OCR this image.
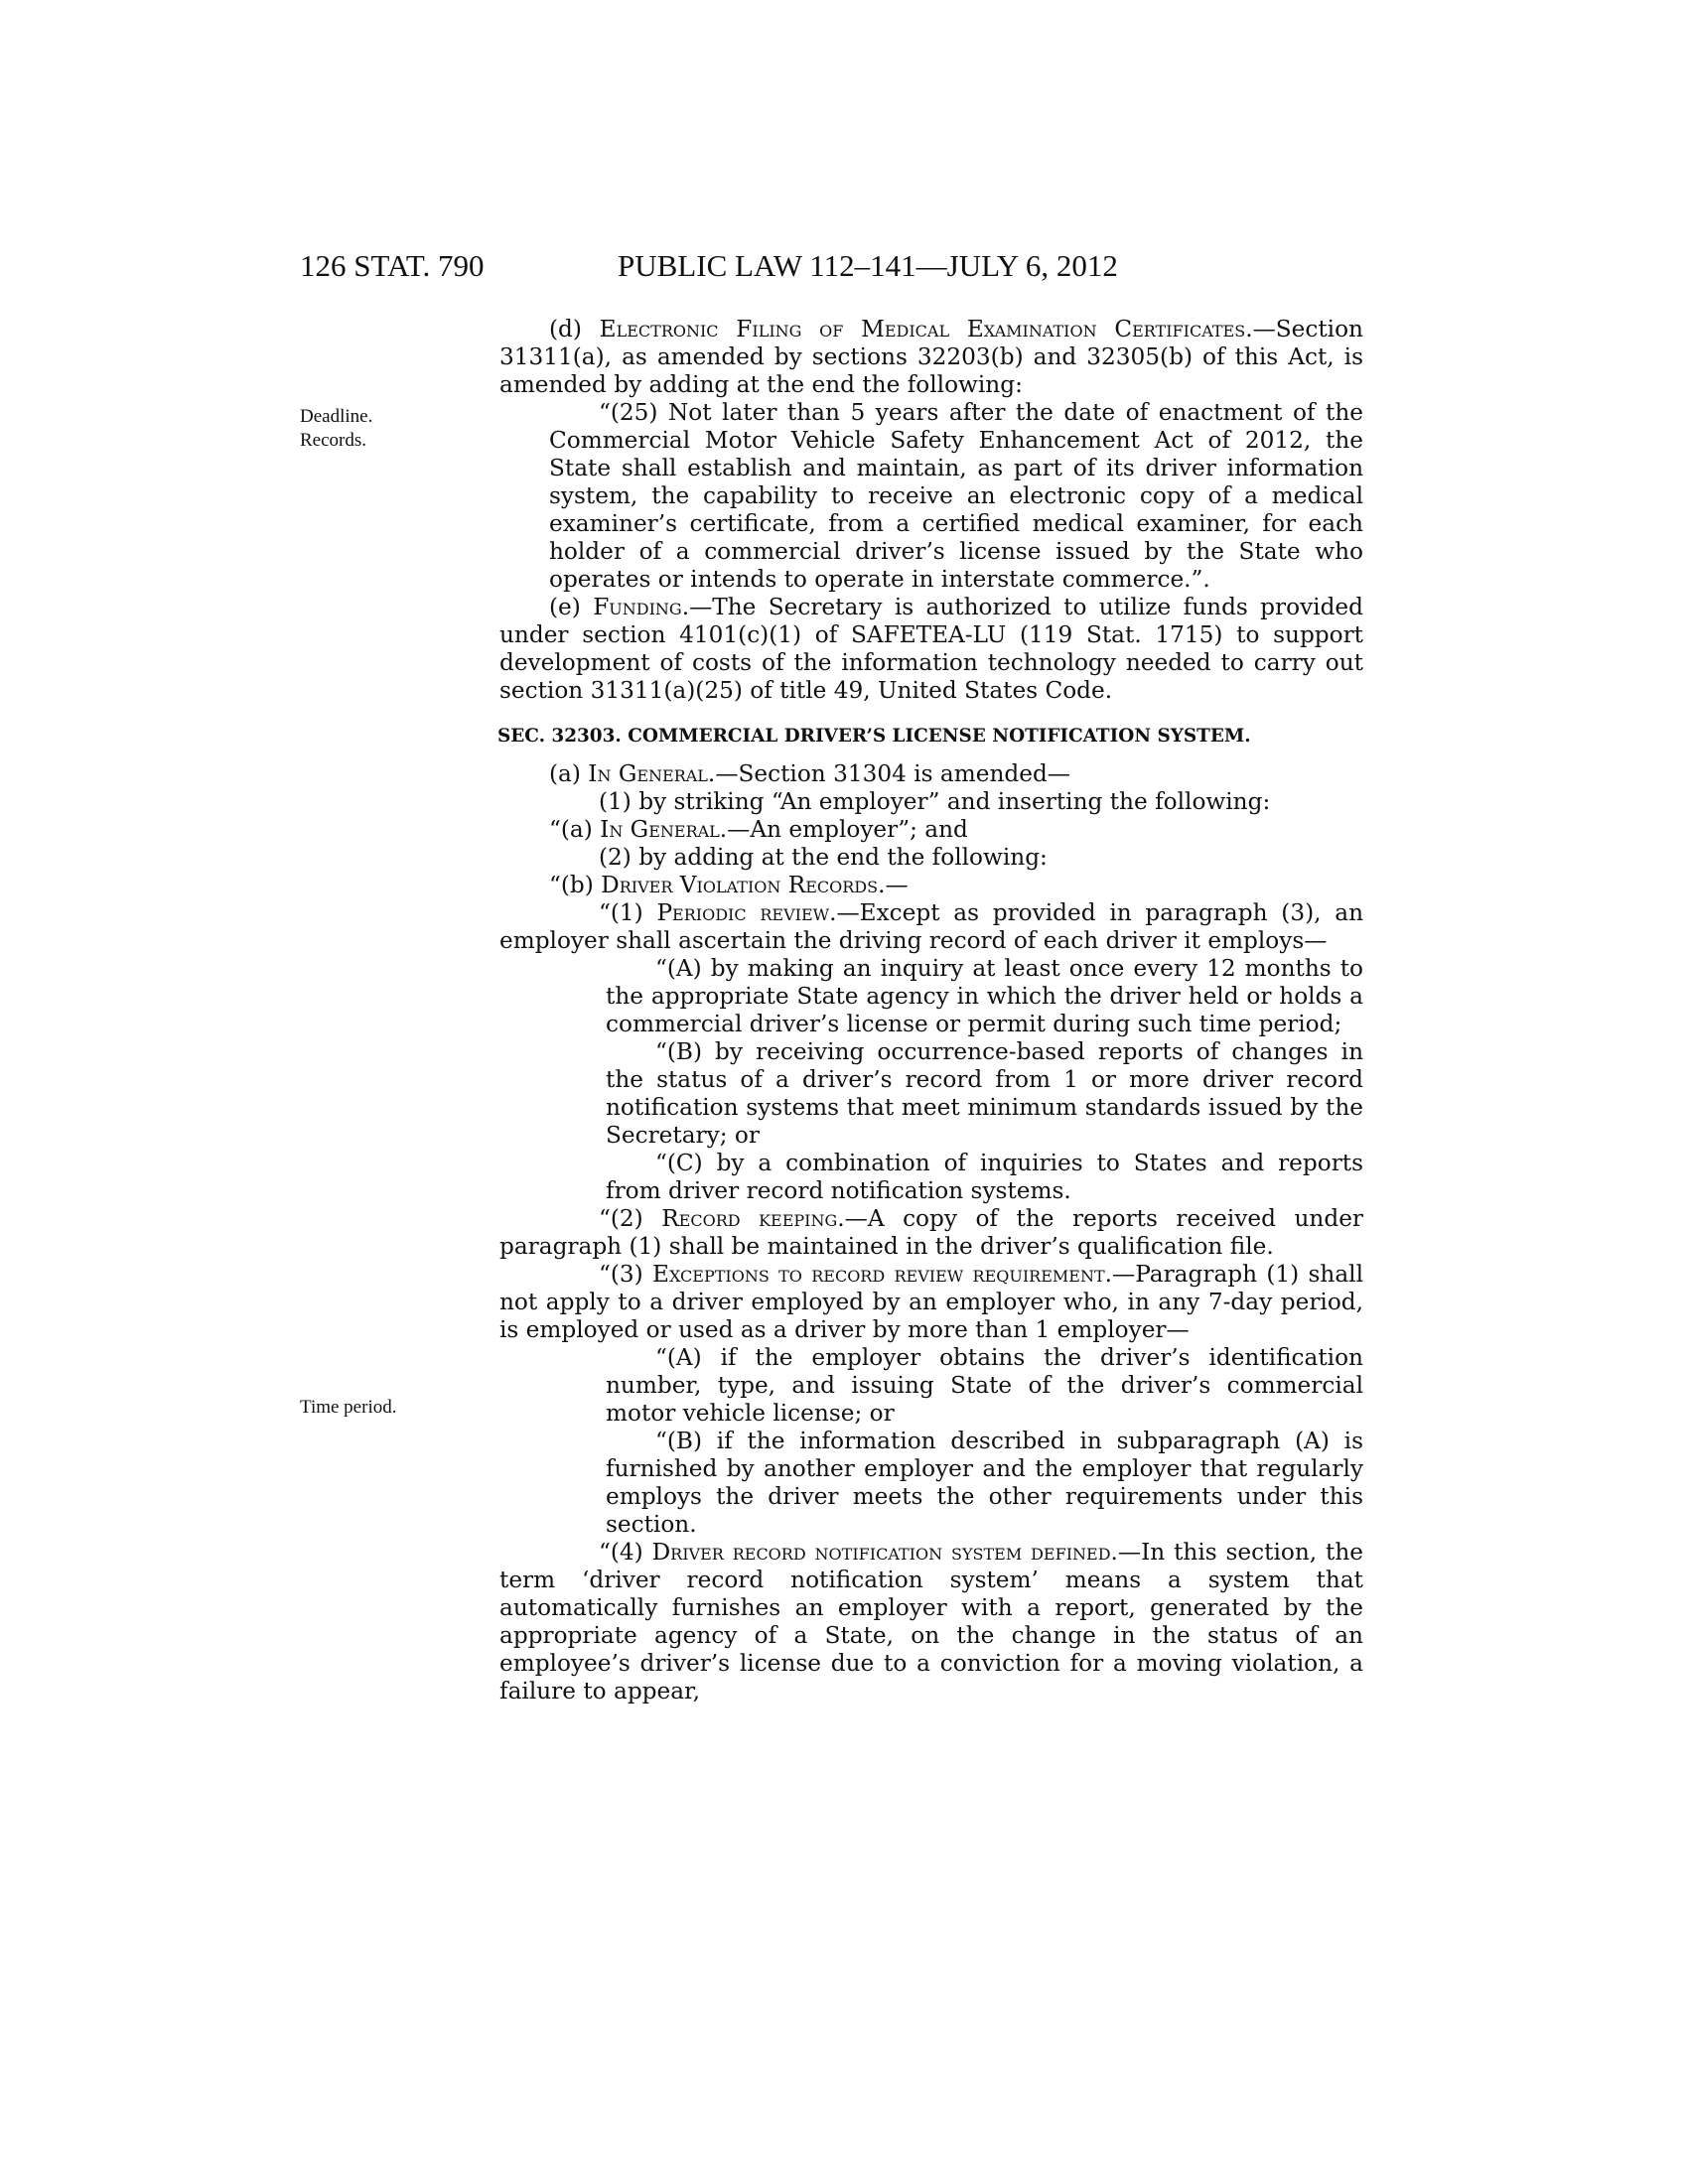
126 STAT. 790	PUBLIC LAW 112–141—JULY 6, 2012
Deadline.
Records.
Time period.

(d) Electronic Filing of Medical Examination Certificates.—Section 31311(a), as amended by sections 32203(b) and 32305(b) of this Act, is amended by adding at the end the following:

“(25) Not later than 5 years after the date of enactment of the Commercial Motor Vehicle Safety Enhancement Act of 2012, the State shall establish and maintain, as part of its driver information system, the capability to receive an electronic copy of a medical examiner’s certificate, from a certified medical examiner, for each holder of a commercial driver’s license issued by the State who operates or intends to operate in interstate commerce.”.

(e) Funding.—The Secretary is authorized to utilize funds provided under section 4101(c)(1) of SAFETEA-LU (119 Stat. 1715) to support development of costs of the information technology needed to carry out section 31311(a)(25) of title 49, United States Code.

SEC. 32303. COMMERCIAL DRIVER’S LICENSE NOTIFICATION SYSTEM.

(a) In General.—Section 31304 is amended—

(1) by striking “An employer” and inserting the following:

“(a) In General.—An employer”; and

(2) by adding at the end the following:

“(b) Driver Violation Records.—

“(1) Periodic review.—Except as provided in paragraph (3), an employer shall ascertain the driving record of each driver it employs—

“(A) by making an inquiry at least once every 12 months to the appropriate State agency in which the driver held or holds a commercial driver’s license or permit during such time period;

“(B) by receiving occurrence-based reports of changes in the status of a driver’s record from 1 or more driver record notification systems that meet minimum standards issued by the Secretary; or

“(C) by a combination of inquiries to States and reports from driver record notification systems.

“(2) Record keeping.—A copy of the reports received under paragraph (1) shall be maintained in the driver’s qualification file.

“(3) Exceptions to record review requirement.—Paragraph (1) shall not apply to a driver employed by an employer who, in any 7-day period, is employed or used as a driver by more than 1 employer—

“(A) if the employer obtains the driver’s identification number, type, and issuing State of the driver’s commercial motor vehicle license; or

“(B) if the information described in subparagraph (A) is furnished by another employer and the employer that regularly employs the driver meets the other requirements under this section.

“(4) Driver record notification system defined.—In this section, the term ‘driver record notification system’ means a system that automatically furnishes an employer with a report, generated by the appropriate agency of a State, on the change in the status of an employee’s driver’s license due to a conviction for a moving violation, a failure to appear,
